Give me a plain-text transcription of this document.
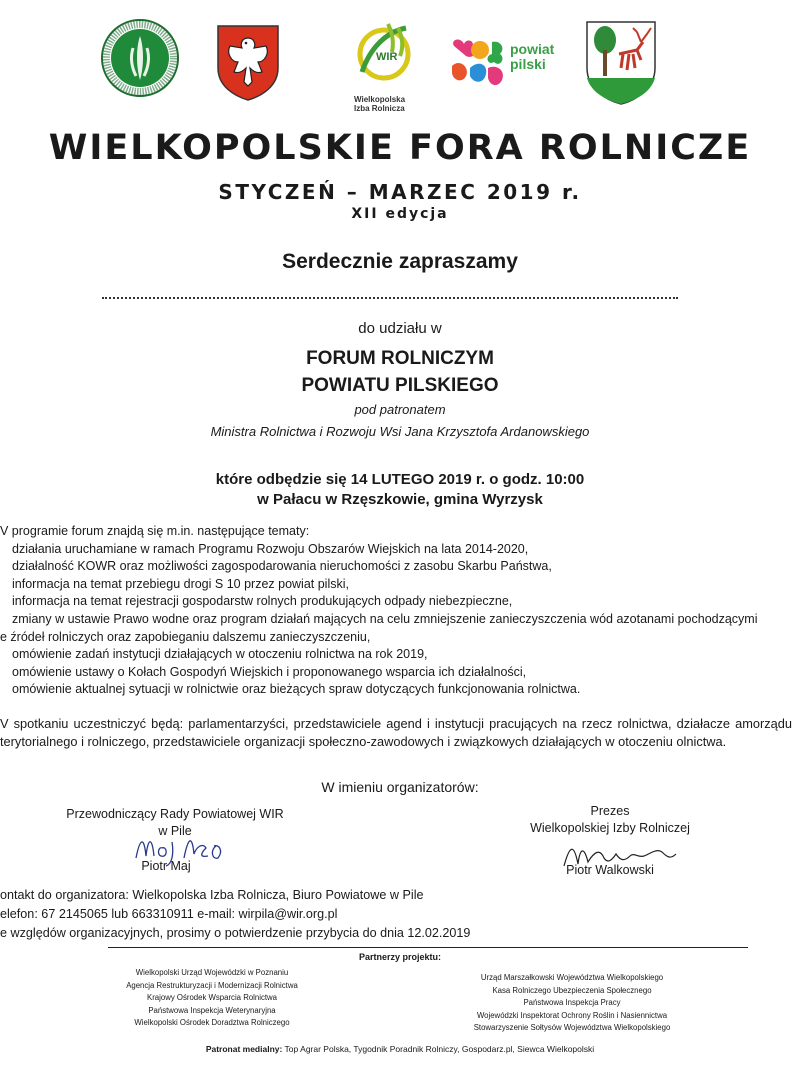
WIR
Wielkopolska
Izba Rolnicza
powiat
pilski
WIELKOPOLSKIE FORA ROLNICZE
STYCZEŃ – MARZEC 2019 r.
XII edycja
Serdecznie zapraszamy
do udziału w
FORUM ROLNICZYM
POWIATU PILSKIEGO
pod patronatem
Ministra Rolnictwa i Rozwoju Wsi Jana Krzysztofa Ardanowskiego
które odbędzie się 14 LUTEGO 2019 r. o godz. 10:00
w Pałacu w Rzęszkowie, gmina Wyrzysk
V programie forum znajdą się m.in. następujące tematy:
działania uruchamiane w ramach Programu Rozwoju Obszarów Wiejskich na lata 2014-2020,
działalność KOWR oraz możliwości zagospodarowania nieruchomości z zasobu Skarbu Państwa,
informacja na temat przebiegu drogi S 10 przez powiat pilski,
informacja na temat rejestracji gospodarstw rolnych produkujących odpady niebezpieczne,
zmiany w ustawie Prawo wodne oraz program działań mających na celu zmniejszenie zanieczyszczenia wód azotanami pochodzącymi
e źródeł rolniczych oraz zapobieganiu dalszemu zanieczyszczeniu,
omówienie zadań instytucji działających w otoczeniu rolnictwa na rok 2019,
omówienie ustawy o Kołach Gospodyń Wiejskich i proponowanego wsparcia ich działalności,
omówienie aktualnej sytuacji w rolnictwie oraz bieżących spraw dotyczących funkcjonowania rolnictwa.
V spotkaniu uczestniczyć będą: parlamentarzyści, przedstawiciele agend i instytucji pracujących na rzecz rolnictwa, działacze amorządu terytorialnego i rolniczego, przedstawiciele organizacji społeczno-zawodowych i związkowych działających w otoczeniu olnictwa.
W imieniu organizatorów:
Przewodniczący Rady Powiatowej WIR
w Pile
Piotr Maj
Prezes
Wielkopolskiej Izby Rolniczej
Piotr Walkowski
ontakt do organizatora: Wielkopolska Izba Rolnicza, Biuro Powiatowe w Pile
elefon: 67 2145065 lub 663310911 e-mail: wirpila@wir.org.pl
e względów organizacyjnych, prosimy o potwierdzenie przybycia do dnia 12.02.2019
Partnerzy projektu:
Wielkopolski Urząd Wojewódzki w Poznaniu
Agencja Restrukturyzacji i Modernizacji Rolnictwa
Krajowy Ośrodek Wsparcia Rolnictwa
Państwowa Inspekcja Weterynaryjna
Wielkopolski Ośrodek Doradztwa Rolniczego
Urząd Marszałkowski Województwa Wielkopolskiego
Kasa Rolniczego Ubezpieczenia Społecznego
Państwowa Inspekcja Pracy
Wojewódzki Inspektorat Ochrony Roślin i Nasiennictwa
Stowarzyszenie Sołtysów Województwa Wielkopolskiego
Patronat medialny: Top Agrar Polska, Tygodnik Poradnik Rolniczy, Gospodarz.pl, Siewca Wielkopolski
